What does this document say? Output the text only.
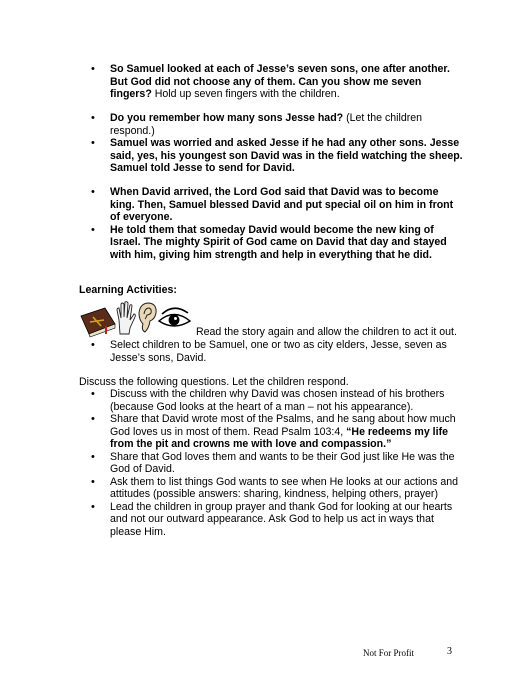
• So Samuel looked at each of Jesse’s seven sons, one after another. But God did not choose any of them. Can you show me seven fingers? Hold up seven fingers with the children.
• Do you remember how many sons Jesse had? (Let the children respond.)
• Samuel was worried and asked Jesse if he had any other sons. Jesse said, yes, his youngest son David was in the field watching the sheep. Samuel told Jesse to send for David.
• When David arrived, the Lord God said that David was to become king. Then, Samuel blessed David and put special oil on him in front of everyone.
• He told them that someday David would become the new king of Israel. The mighty Spirit of God came on David that day and stayed with him, giving him strength and help in everything that he did.
Learning Activities:
Read the story again and allow the children to act it out.
• Select children to be Samuel, one or two as city elders, Jesse, seven as Jesse’s sons, David.
Discuss the following questions. Let the children respond.
• Discuss with the children why David was chosen instead of his brothers (because God looks at the heart of a man – not his appearance).
• Share that David wrote most of the Psalms, and he sang about how much God loves us in most of them. Read Psalm 103:4, “He redeems my life from the pit and crowns me with love and compassion.”
• Share that God loves them and wants to be their God just like He was the God of David.
• Ask them to list things God wants to see when He looks at our actions and attitudes (possible answers: sharing, kindness, helping others, prayer)
• Lead the children in group prayer and thank God for looking at our hearts and not our outward appearance. Ask God to help us act in ways that please Him.
Not For Profit	3
